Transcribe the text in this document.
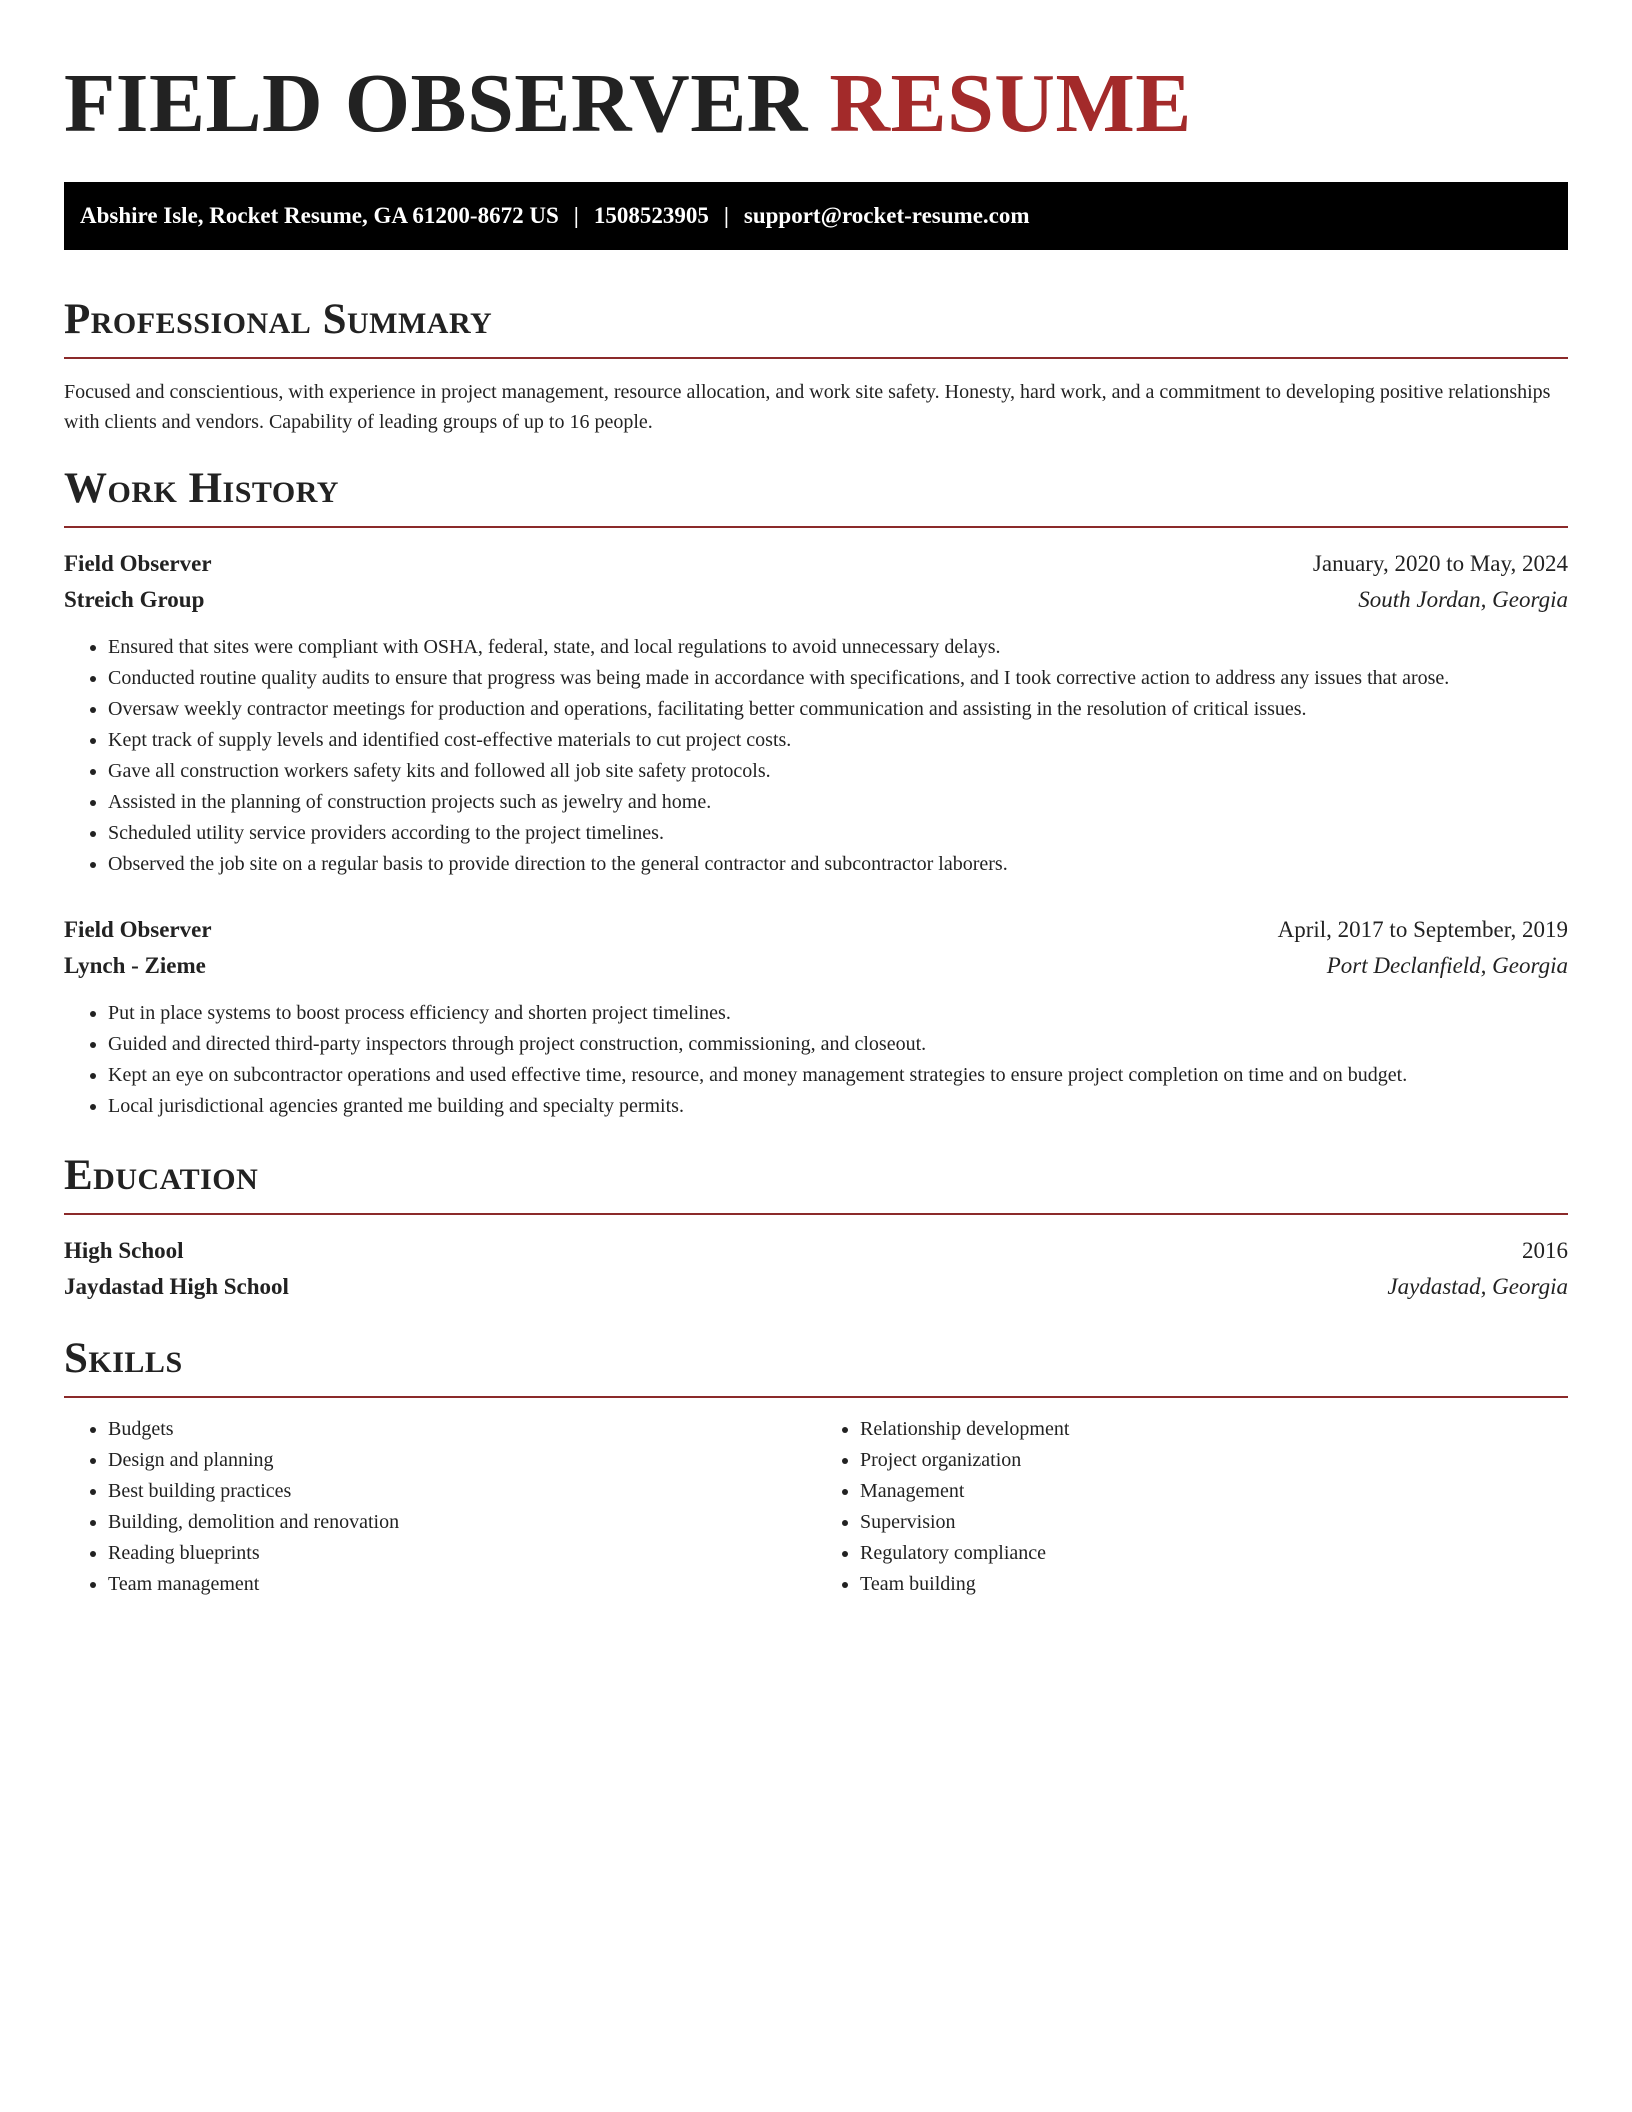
FIELD OBSERVER RESUME
Abshire Isle, Rocket Resume, GA 61200-8672 US | 1508523905 | support@rocket-resume.com
Professional Summary
Focused and conscientious, with experience in project management, resource allocation, and work site safety. Honesty, hard work, and a commitment to developing positive relationships with clients and vendors. Capability of leading groups of up to 16 people.
Work History
Field Observer	January, 2020 to May, 2024
Streich Group	South Jordan, Georgia
• Ensured that sites were compliant with OSHA, federal, state, and local regulations to avoid unnecessary delays.
• Conducted routine quality audits to ensure that progress was being made in accordance with specifications, and I took corrective action to address any issues that arose.
• Oversaw weekly contractor meetings for production and operations, facilitating better communication and assisting in the resolution of critical issues.
• Kept track of supply levels and identified cost-effective materials to cut project costs.
• Gave all construction workers safety kits and followed all job site safety protocols.
• Assisted in the planning of construction projects such as jewelry and home.
• Scheduled utility service providers according to the project timelines.
• Observed the job site on a regular basis to provide direction to the general contractor and subcontractor laborers.
Field Observer	April, 2017 to September, 2019
Lynch - Zieme	Port Declanfield, Georgia
• Put in place systems to boost process efficiency and shorten project timelines.
• Guided and directed third-party inspectors through project construction, commissioning, and closeout.
• Kept an eye on subcontractor operations and used effective time, resource, and money management strategies to ensure project completion on time and on budget.
• Local jurisdictional agencies granted me building and specialty permits.
Education
High School	2016
Jaydastad High School	Jaydastad, Georgia
Skills
• Budgets
• Design and planning
• Best building practices
• Building, demolition and renovation
• Reading blueprints
• Team management
• Relationship development
• Project organization
• Management
• Supervision
• Regulatory compliance
• Team building
